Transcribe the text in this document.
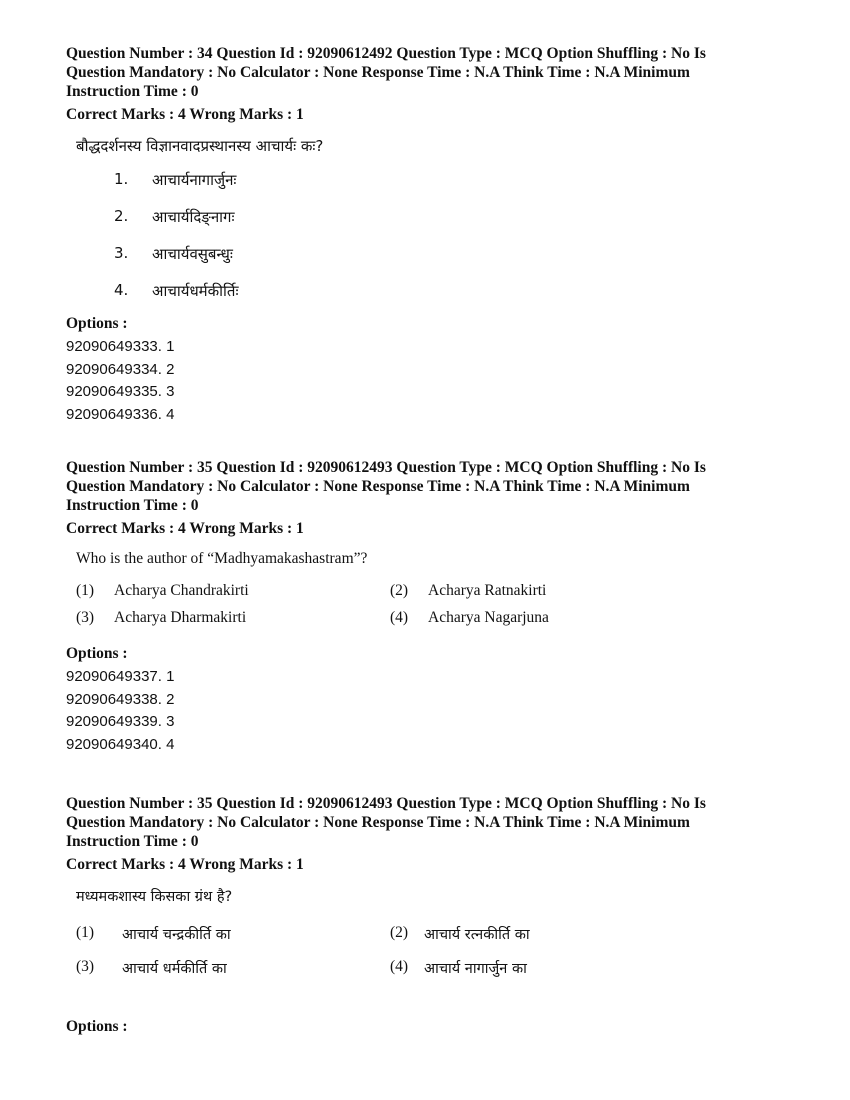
Question Number : 34 Question Id : 92090612492 Question Type : MCQ Option Shuffling : No Is

Question Mandatory : No Calculator : None Response Time : N.A Think Time : N.A Minimum

Instruction Time : 0

Correct Marks : 4 Wrong Marks : 1
बौद्धदर्शनस्य विज्ञानवादप्रस्थानस्य आचार्यः कः?
1.	आचार्यनागार्जुनः
2.	आचार्यदिङ्नागः
3.	आचार्यवसुबन्धुः
4.	आचार्यधर्मकीर्तिः
Options :
92090649333. 1
92090649334. 2
92090649335. 3
92090649336. 4

Question Number : 35 Question Id : 92090612493 Question Type : MCQ Option Shuffling : No Is

Question Mandatory : No Calculator : None Response Time : N.A Think Time : N.A Minimum

Instruction Time : 0

Correct Marks : 4 Wrong Marks : 1
Who is the author of “Madhyamakashastram”?
(1)	Acharya Chandrakirti	(2)	Acharya Ratnakirti
(3)	Acharya Dharmakirti	(4)	Acharya Nagarjuna
Options :
92090649337. 1
92090649338. 2
92090649339. 3
92090649340. 4

Question Number : 35 Question Id : 92090612493 Question Type : MCQ Option Shuffling : No Is

Question Mandatory : No Calculator : None Response Time : N.A Think Time : N.A Minimum

Instruction Time : 0

Correct Marks : 4 Wrong Marks : 1
मध्यमकशास्य किसका ग्रंथ है?
(1)	आचार्य चन्द्रकीर्ति का	(2)	आचार्य रत्नकीर्ति का
(3)	आचार्य धर्मकीर्ति का	(4)	आचार्य नागार्जुन का
Options :
